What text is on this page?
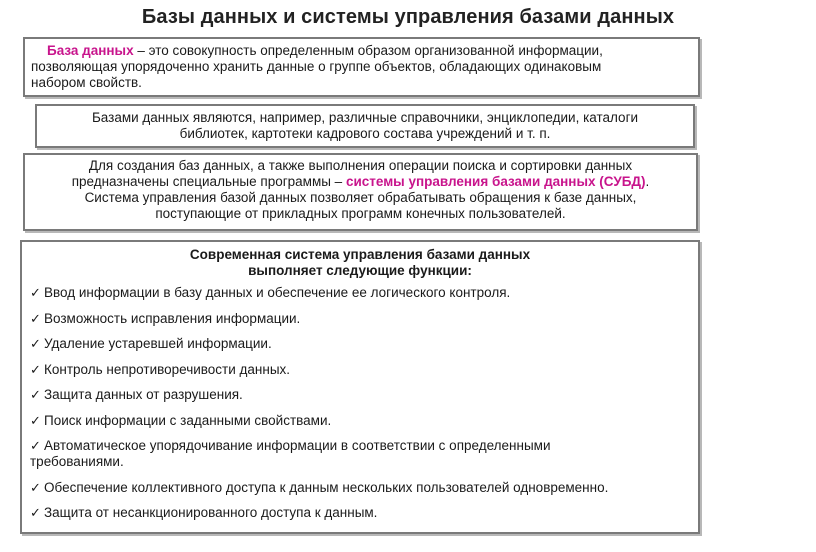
Базы данных и системы управления базами данных
База данных – это совокупность определенным образом организованной информации,
позволяющая упорядоченно хранить данные о группе объектов, обладающих одинаковым
набором свойств.
Базами данных являются, например, различные справочники, энциклопедии, каталоги
библиотек, картотеки кадрового состава учреждений и т. п.
Для создания баз данных, а также выполнения операции поиска и сортировки данных
предназначены специальные программы – системы управления базами данных (СУБД).
Система управления базой данных позволяет обрабатывать обращения к базе данных,
поступающие от прикладных программ конечных пользователей.
Современная система управления базами данных
выполняет следующие функции:
✓ Ввод информации в базу данных и обеспечение ее логического контроля.
✓ Возможность исправления информации.
✓ Удаление устаревшей информации.
✓ Контроль непротиворечивости данных.
✓ Защита данных от разрушения.
✓ Поиск информации с заданными свойствами.
✓ Автоматическое упорядочивание информации в соответствии с определенными
требованиями.
✓ Обеспечение коллективного доступа к данным нескольких пользователей одновременно.
✓ Защита от несанкционированного доступа к данным.
